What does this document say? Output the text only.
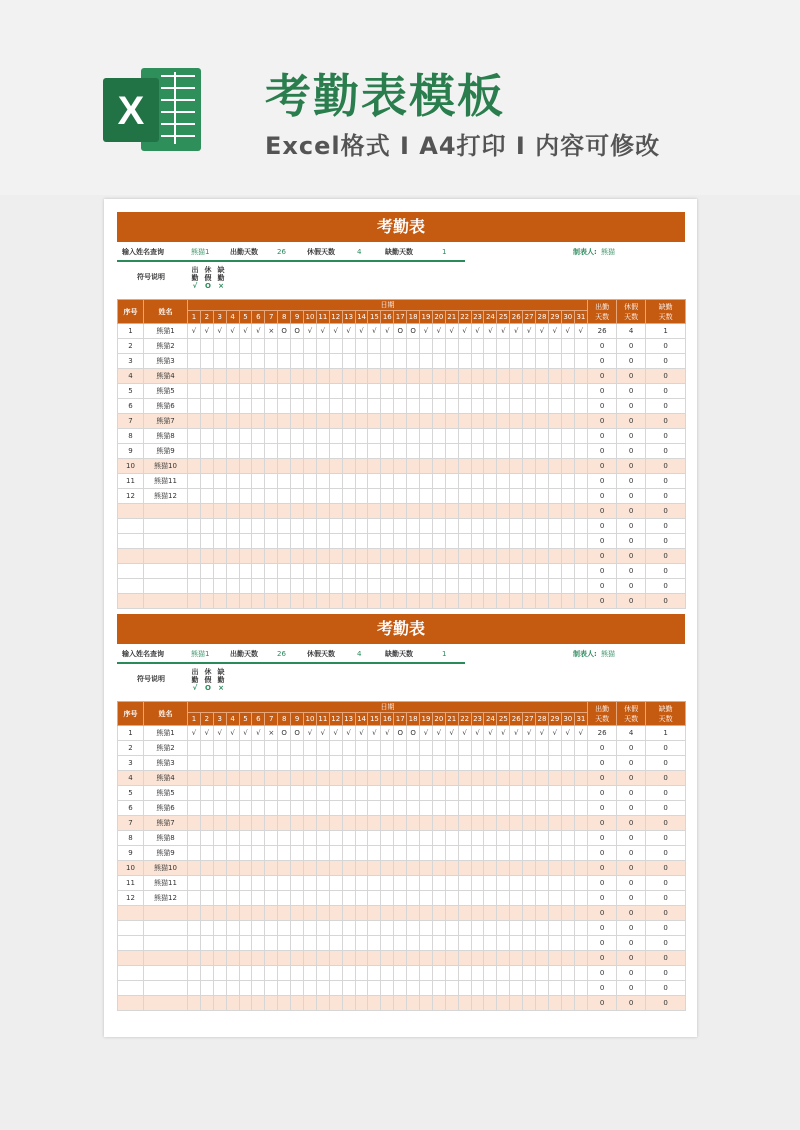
X	考勤表模板
Excel格式 I A4打印 I 内容可修改
考勤表
输入姓名查询	熊猫1	出勤天数	26	休假天数	4	缺勤天数	1	制表人: 熊猫
符号说明
出
勤
√
休
假
O
缺
勤
×
序号	姓名	日期																															出勤
天数	休假
天数	缺勤
天数
		1	2	3	4	5	6	7	8	9	10	11	12	13	14	15	16	17	18	19	20	21	22	23	24	25	26	27	28	29	30	31			
1	熊猫1	√	√	√	√	√	√	×	O	O	√	√	√	√	√	√	√	O	O	√	√	√	√	√	√	√	√	√	√	√	√	√	26	4	1
2	熊猫2																																0	0	0
3	熊猫3																																0	0	0
4	熊猫4																																0	0	0
5	熊猫5																																0	0	0
6	熊猫6																																0	0	0
7	熊猫7																																0	0	0
8	熊猫8																																0	0	0
9	熊猫9																																0	0	0
10	熊猫10																																0	0	0
11	熊猫11																																0	0	0
12	熊猫12																																0	0	0
																																	0	0	0
																																	0	0	0
																																	0	0	0
																																	0	0	0
																																	0	0	0
																																	0	0	0
																																	0	0	0
考勤表
输入姓名查询	熊猫1	出勤天数	26	休假天数	4	缺勤天数	1	制表人: 熊猫
符号说明
出
勤
√
休
假
O
缺
勤
×
序号	姓名	日期																															出勤
天数	休假
天数	缺勤
天数
		1	2	3	4	5	6	7	8	9	10	11	12	13	14	15	16	17	18	19	20	21	22	23	24	25	26	27	28	29	30	31			
1	熊猫1	√	√	√	√	√	√	×	O	O	√	√	√	√	√	√	√	O	O	√	√	√	√	√	√	√	√	√	√	√	√	√	26	4	1
2	熊猫2																																0	0	0
3	熊猫3																																0	0	0
4	熊猫4																																0	0	0
5	熊猫5																																0	0	0
6	熊猫6																																0	0	0
7	熊猫7																																0	0	0
8	熊猫8																																0	0	0
9	熊猫9																																0	0	0
10	熊猫10																																0	0	0
11	熊猫11																																0	0	0
12	熊猫12																																0	0	0
																																	0	0	0
																																	0	0	0
																																	0	0	0
																																	0	0	0
																																	0	0	0
																																	0	0	0
																																	0	0	0
